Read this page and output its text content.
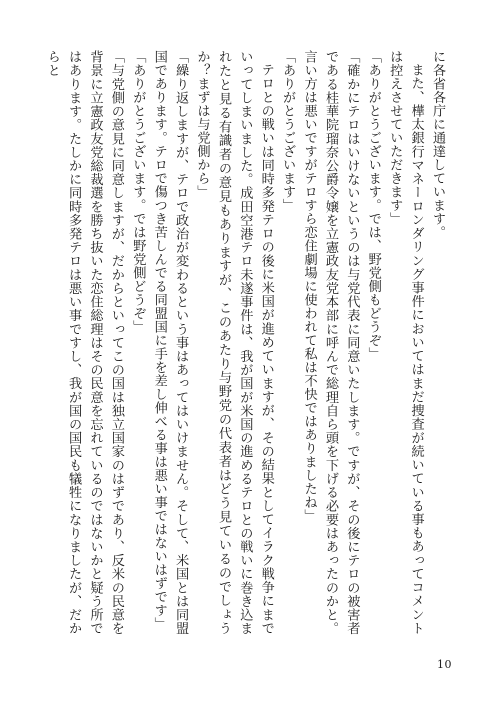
に各省各庁に通達しています。

また、樺太銀行マネーロンダリング事件においてはまだ捜査が続いている事もあってコメントは控えさせていただきます」

「ありがとうございます。では、野党側もどうぞ」

「確かにテロはいけないというのは与党代表に同意いたします。ですが、その後にテロの被害者である桂華院瑠奈公爵令嬢を立憲政友党本部に呼んで総理自ら頭を下げる必要はあったのかと。言い方は悪いですがテロすら恋住劇場に使われて私は不快ではありましたね」

「ありがとうございます」

テロとの戦いは同時多発テロの後に米国が進めていますが、その結果としてイラク戦争にまでいってしまいました。成田空港テロ未遂事件は、我が国が米国の進めるテロとの戦いに巻き込まれたと見る有識者の意見もありますが、このあたり与野党の代表者はどう見ているのでしょうか？まずは与党側から」

「繰り返しますが、テロで政治が変わるという事はあってはいけません。そして、米国とは同盟国であります。テロで傷つき苦しんでる同盟国に手を差し伸べる事は悪い事ではないはずです」

「ありがとうございます。では野党側どうぞ」

「与党側の意見に同意しますが、だからといってこの国は独立国家のはずであり、反米の民意を背景に立憲政友党総裁選を勝ち抜いた恋住総理はその民意を忘れているのではないかと疑う所ではあります。たしかに同時多発テロは悪い事ですし、我が国の国民も犠牲になりましたが、だからと

10
